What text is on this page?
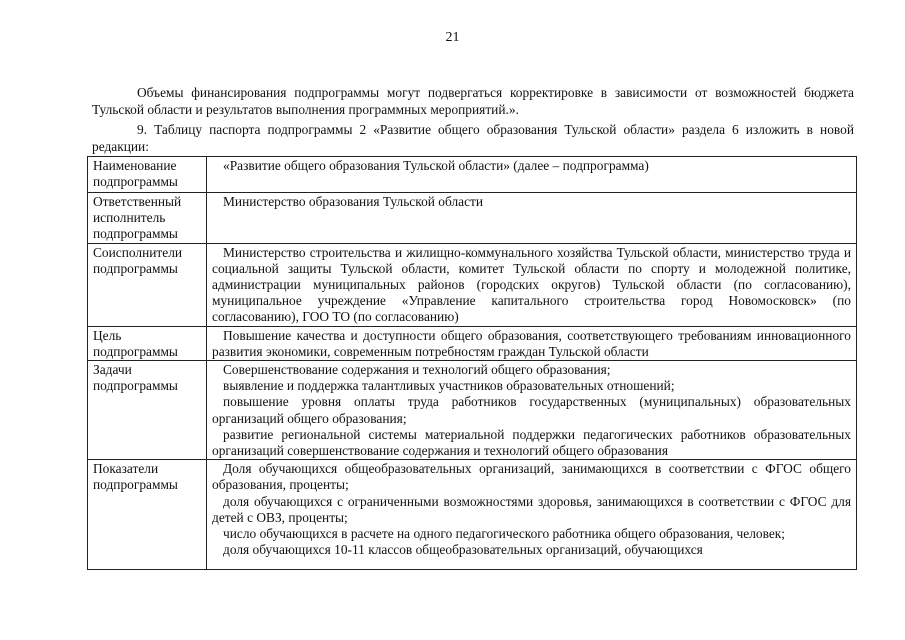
21

Объемы финансирования подпрограммы могут подвергаться корректировке в зависимости от возможностей бюджета Тульской области и результатов выполнения программных мероприятий.».

9. Таблицу паспорта подпрограммы 2 «Развитие общего образования Тульской области» раздела 6 изложить в новой редакции:

Наименование подпрограммы	«Развитие общего образования Тульской области» (далее – подпрограмма)

Ответственный исполнитель подпрограммы	Министерство образования Тульской области

Соисполнители подпрограммы	Министерство строительства и жилищно-коммунального хозяйства Тульской области, министерство труда и социальной защиты Тульской области, комитет Тульской области по спорту и молодежной политике, администрации муниципальных районов (городских округов) Тульской области (по согласованию), муниципальное учреждение «Управление капитального строительства город Новомосковск» (по согласованию), ГОО ТО (по согласованию)

Цель подпрограммы	Повышение качества и доступности общего образования, соответствующего требованиям инновационного развития экономики, современным потребностям граждан Тульской области

Задачи подпрограммы	Совершенствование содержания и технологий общего образования;
выявление и поддержка талантливых участников образовательных отношений;
повышение уровня оплаты труда работников государственных (муниципальных) образовательных организаций общего образования;
развитие региональной системы материальной поддержки педагогических работников образовательных организаций совершенствование содержания и технологий общего образования

Показатели подпрограммы	Доля обучающихся общеобразовательных организаций, занимающихся в соответствии с ФГОС общего образования, проценты;
доля обучающихся с ограниченными возможностями здоровья, занимающихся в соответствии с ФГОС для детей с ОВЗ, проценты;
число обучающихся в расчете на одного педагогического работника общего образования, человек;
доля обучающихся 10-11 классов общеобразовательных организаций, обучающихся
